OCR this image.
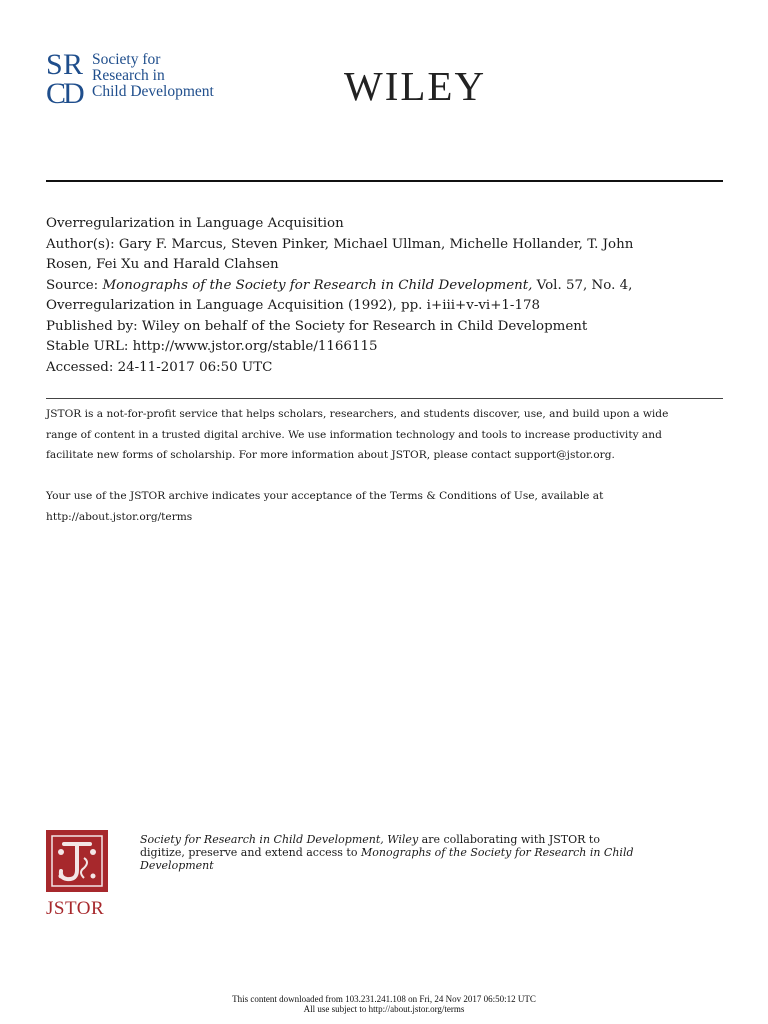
S R
C
D
Society for
Research in
Child Development	WILEY
Overregularization in Language Acquisition
Author(s): Gary F. Marcus, Steven Pinker, Michael Ullman, Michelle Hollander, T. John
Rosen, Fei Xu and Harald Clahsen
Source: Monographs of the Society for Research in Child Development, Vol. 57, No. 4,
Overregularization in Language Acquisition (1992), pp. i+iii+v-vi+1-178
Published by: Wiley on behalf of the Society for Research in Child Development
Stable URL: http://www.jstor.org/stable/1166115
Accessed: 24-11-2017 06:50 UTC
JSTOR is a not-for-profit service that helps scholars, researchers, and students discover, use, and build upon a wide
range of content in a trusted digital archive. We use information technology and tools to increase productivity and
facilitate new forms of scholarship. For more information about JSTOR, please contact support@jstor.org.
Your use of the JSTOR archive indicates your acceptance of the Terms & Conditions of Use, available at
http://about.jstor.org/terms
JSTOR
Society for Research in Child Development, Wiley are collaborating with JSTOR to
digitize, preserve and extend access to Monographs of the Society for Research in Child
Development
This content downloaded from 103.231.241.108 on Fri, 24 Nov 2017 06:50:12 UTC
All use subject to http://about.jstor.org/terms
